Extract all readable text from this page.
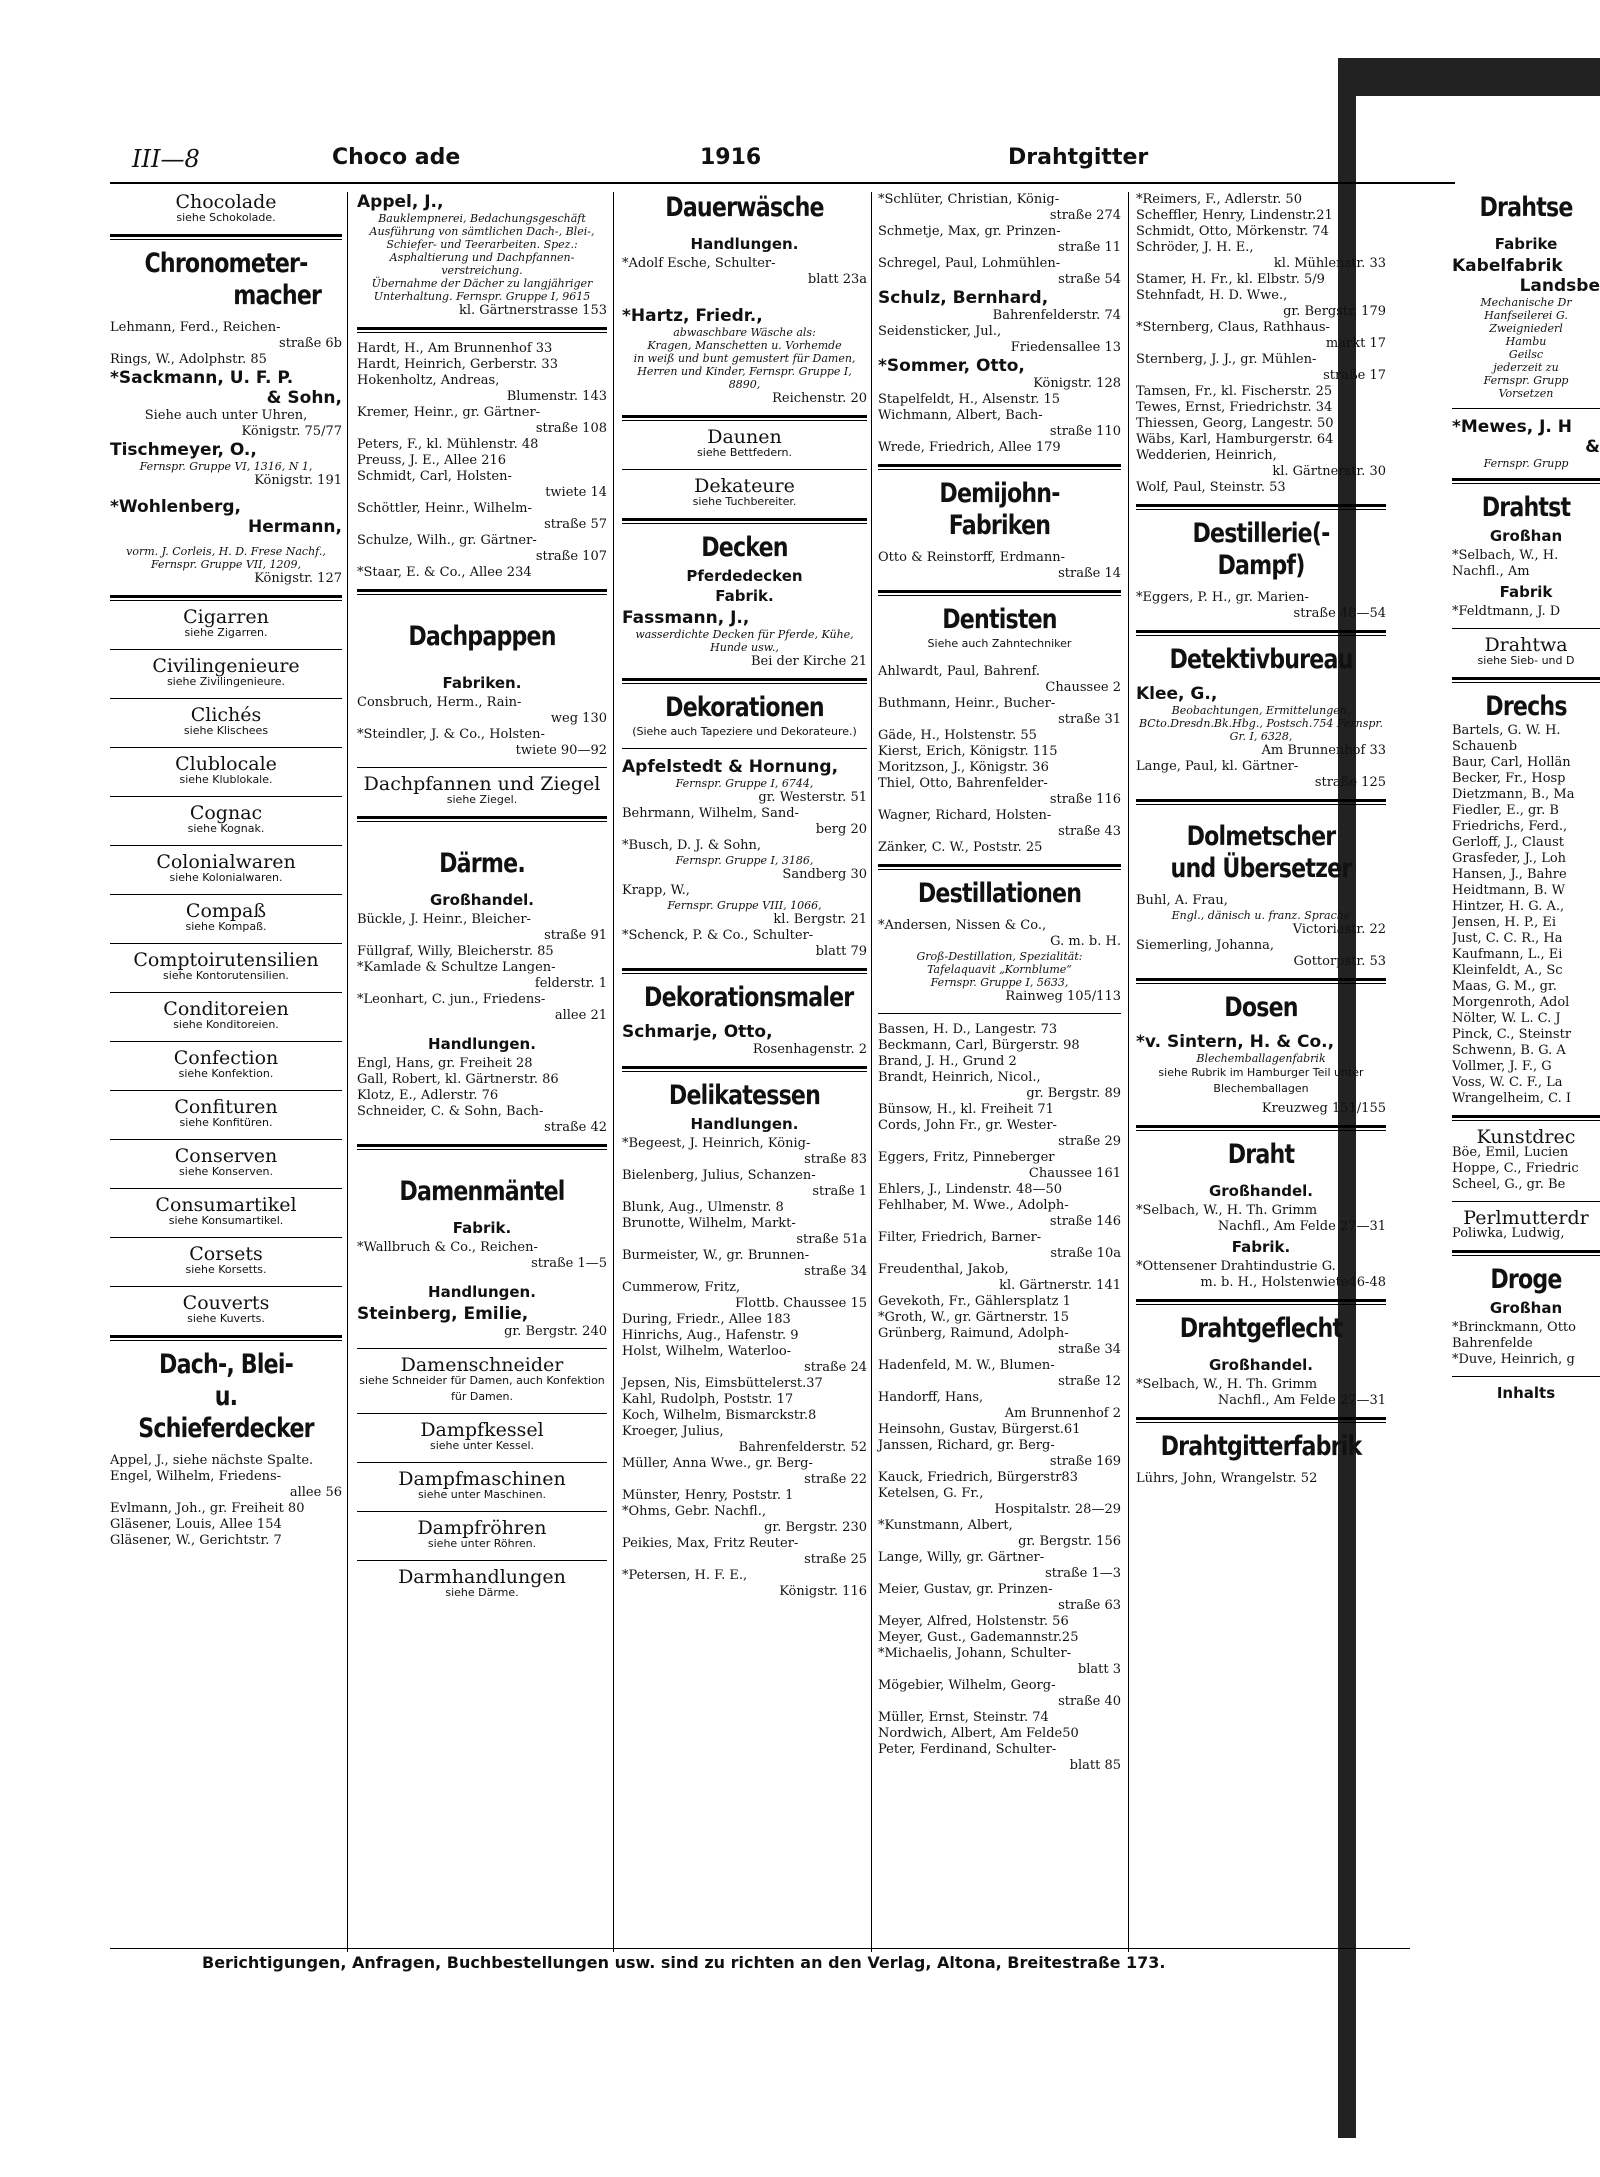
III—8	Choco ade	1916	Drahtgitter
Chocolade
siehe Schokolade.
Chronometer-
macher
Lehmann, Ferd., Reichen-
straße 6b
Rings, W., Adolphstr. 85
*Sackmann, U. F. P.
& Sohn,
Siehe auch unter Uhren,
Königstr. 75/77
Tischmeyer, O.,
Fernspr. Gruppe VI, 1316, N 1,
Königstr. 191
*Wohlenberg,
Hermann,
vorm. J. Corleis, H. D. Frese Nachf., Fernspr. Gruppe VII, 1209,
Königstr. 127
Cigarren
siehe Zigarren.
Civilingenieure
siehe Zivilingenieure.
Clichés
siehe Klischees
Clublocale
siehe Klublokale.
Cognac
siehe Kognak.
Colonialwaren
siehe Kolonialwaren.
Compaß
siehe Kompaß.
Comptoirutensilien
siehe Kontorutensilien.
Conditoreien
siehe Konditoreien.
Confection
siehe Konfektion.
Confituren
siehe Konfitüren.
Conserven
siehe Konserven.
Consumartikel
siehe Konsumartikel.
Corsets
siehe Korsetts.
Couverts
siehe Kuverts.
Dach-, Blei-
u. Schieferdecker
Appel, J., siehe nächste Spalte.
Engel, Wilhelm, Friedens-
allee 56
Evlmann, Joh., gr. Freiheit 80
Gläsener, Louis, Allee 154
Gläsener, W., Gerichtstr. 7
Appel, J.,
Bauklempnerei, Bedachungsgeschäft
Ausführung von sämtlichen Dach-, Blei-, Schiefer- und Teerarbeiten. Spez.: Asphaltierung und Dachpfannen-verstreichung.
Übernahme der Dächer zu langjähriger Unterhaltung. Fernspr. Gruppe I, 9615
kl. Gärtnerstrasse 153
Hardt, H., Am Brunnenhof 33
Hardt, Heinrich, Gerberstr. 33
Hokenholtz, Andreas,
Blumenstr. 143
Kremer, Heinr., gr. Gärtner-
straße 108
Peters, F., kl. Mühlenstr. 48
Preuss, J. E., Allee 216
Schmidt, Carl, Holsten-
twiete 14
Schöttler, Heinr., Wilhelm-
straße 57
Schulze, Wilh., gr. Gärtner-
straße 107
*Staar, E. & Co., Allee 234
Dachpappen
Fabriken.
Consbruch, Herm., Rain-
weg 130
*Steindler, J. & Co., Holsten-
twiete 90—92
Dachpfannen und Ziegel
siehe Ziegel.
Därme.
Großhandel.
Bückle, J. Heinr., Bleicher-
straße 91
Füllgraf, Willy, Bleicherstr. 85
*Kamlade & Schultze Langen-
felderstr. 1
*Leonhart, C. jun., Friedens-
allee 21
Handlungen.
Engl, Hans, gr. Freiheit 28
Gall, Robert, kl. Gärtnerstr. 86
Klotz, E., Adlerstr. 76
Schneider, C. & Sohn, Bach-
straße 42
Damenmäntel
Fabrik.
*Wallbruch & Co., Reichen-
straße 1—5
Handlungen.
Steinberg, Emilie,
gr. Bergstr. 240
Damenschneider
siehe Schneider für Damen, auch Konfektion für Damen.
Dampfkessel
siehe unter Kessel.
Dampfmaschinen
siehe unter Maschinen.
Dampfröhren
siehe unter Röhren.
Darmhandlungen
siehe Därme.
Dauerwäsche
Handlungen.
*Adolf Esche, Schulter-
blatt 23a
*Hartz, Friedr.,
abwaschbare Wäsche als:
Kragen, Manschetten u. Vorhemde
in weiß und bunt gemustert für Damen, Herren und Kinder, Fernspr. Gruppe I, 8890,
Reichenstr. 20
Daunen
siehe Bettfedern.
Dekateure
siehe Tuchbereiter.
Decken
Pferdedecken
Fabrik.
Fassmann, J.,
wasserdichte Decken für Pferde, Kühe, Hunde usw.,
Bei der Kirche 21
Dekorationen
(Siehe auch Tapeziere und Dekorateure.)
Apfelstedt & Hornung,
Fernspr. Gruppe I, 6744,
gr. Westerstr. 51
Behrmann, Wilhelm, Sand-
berg 20
*Busch, D. J. & Sohn,
Fernspr. Gruppe I, 3186,
Sandberg 30
Krapp, W.,
Fernspr. Gruppe VIII, 1066,
kl. Bergstr. 21
*Schenck, P. & Co., Schulter-
blatt 79
Dekorationsmaler
Schmarje, Otto,
Rosenhagenstr. 2
Delikatessen
Handlungen.
*Begeest, J. Heinrich, König-
straße 83
Bielenberg, Julius, Schanzen-
straße 1
Blunk, Aug., Ulmenstr. 8
Brunotte, Wilhelm, Markt-
straße 51a
Burmeister, W., gr. Brunnen-
straße 34
Cummerow, Fritz,
Flottb. Chaussee 15
During, Friedr., Allee 183
Hinrichs, Aug., Hafenstr. 9
Holst, Wilhelm, Waterloo-
straße 24
Jepsen, Nis, Eimsbüttelerst.37
Kahl, Rudolph, Poststr. 17
Koch, Wilhelm, Bismarckstr.8
Kroeger, Julius,
Bahrenfelderstr. 52
Müller, Anna Wwe., gr. Berg-
straße 22
Münster, Henry, Poststr. 1
*Ohms, Gebr. Nachfl.,
gr. Bergstr. 230
Peikies, Max, Fritz Reuter-
straße 25
*Petersen, H. F. E.,
Königstr. 116
*Schlüter, Christian, König-
straße 274
Schmetje, Max, gr. Prinzen-
straße 11
Schregel, Paul, Lohmühlen-
straße 54
Schulz, Bernhard,
Bahrenfelderstr. 74
Seidensticker, Jul.,
Friedensallee 13
*Sommer, Otto,
Königstr. 128
Stapelfeldt, H., Alsenstr. 15
Wichmann, Albert, Bach-
straße 110
Wrede, Friedrich, Allee 179
Demijohn-Fabriken
Otto & Reinstorff, Erdmann-
straße 14
Dentisten
Siehe auch Zahntechniker
Ahlwardt, Paul, Bahrenf.
Chaussee 2
Buthmann, Heinr., Bucher-
straße 31
Gäde, H., Holstenstr. 55
Kierst, Erich, Königstr. 115
Moritzson, J., Königstr. 36
Thiel, Otto, Bahrenfelder-
straße 116
Wagner, Richard, Holsten-
straße 43
Zänker, C. W., Poststr. 25
Destillationen
*Andersen, Nissen & Co.,
G. m. b. H.
Groß-Destillation, Spezialität:
Tafelaquavit „Kornblume“
Fernspr. Gruppe I, 5633,
Rainweg 105/113
Bassen, H. D., Langestr. 73
Beckmann, Carl, Bürgerstr. 98
Brand, J. H., Grund 2
Brandt, Heinrich, Nicol.,
gr. Bergstr. 89
Bünsow, H., kl. Freiheit 71
Cords, John Fr., gr. Wester-
straße 29
Eggers, Fritz, Pinneberger
Chaussee 161
Ehlers, J., Lindenstr. 48—50
Fehlhaber, M. Wwe., Adolph-
straße 146
Filter, Friedrich, Barner-
straße 10a
Freudenthal, Jakob,
kl. Gärtnerstr. 141
Gevekoth, Fr., Gählersplatz 1
*Groth, W., gr. Gärtnerstr. 15
Grünberg, Raimund, Adolph-
straße 34
Hadenfeld, M. W., Blumen-
straße 12
Handorff, Hans,
Am Brunnenhof 2
Heinsohn, Gustav, Bürgerst.61
Janssen, Richard, gr. Berg-
straße 169
Kauck, Friedrich, Bürgerstr83
Ketelsen, G. Fr.,
Hospitalstr. 28—29
*Kunstmann, Albert,
gr. Bergstr. 156
Lange, Willy, gr. Gärtner-
straße 1—3
Meier, Gustav, gr. Prinzen-
straße 63
Meyer, Alfred, Holstenstr. 56
Meyer, Gust., Gademannstr.25
*Michaelis, Johann, Schulter-
blatt 3
Mögebier, Wilhelm, Georg-
straße 40
Müller, Ernst, Steinstr. 74
Nordwich, Albert, Am Felde50
Peter, Ferdinand, Schulter-
blatt 85
*Reimers, F., Adlerstr. 50
Scheffler, Henry, Lindenstr.21
Schmidt, Otto, Mörkenstr. 74
Schröder, J. H. E.,
kl. Mühlenstr. 33
Stamer, H. Fr., kl. Elbstr. 5/9
Stehnfadt, H. D. Wwe.,
gr. Bergstr. 179
*Sternberg, Claus, Rathhaus-
markt 17
Sternberg, J. J., gr. Mühlen-
straße 17
Tamsen, Fr., kl. Fischerstr. 25
Tewes, Ernst, Friedrichstr. 34
Thiessen, Georg, Langestr. 50
Wäbs, Karl, Hamburgerstr. 64
Wedderien, Heinrich,
kl. Gärtnerstr. 30
Wolf, Paul, Steinstr. 53
Destillerie(-Dampf)
*Eggers, P. H., gr. Marien-
straße 48—54
Detektivbureau
Klee, G.,
Beobachtungen, Ermittelungen, BCto.Dresdn.Bk.Hbg., Postsch.754 Fernspr. Gr. I, 6328,
Am Brunnenhof 33
Lange, Paul, kl. Gärtner-
straße 125
Dolmetscher
und Übersetzer
Buhl, A. Frau,
Engl., dänisch u. franz. Sprache
Victoriastr. 22
Siemerling, Johanna,
Gottorpstr. 53
Dosen
*v. Sintern, H. & Co.,
Blechemballagenfabrik
siehe Rubrik im Hamburger Teil unter Blechemballagen
Kreuzweg 151/155
Draht
Großhandel.
*Selbach, W., H. Th. Grimm
Nachfl., Am Felde 27—31
Fabrik.
*Ottensener Drahtindustrie G.
m. b. H., Holstenwiete46-48
Drahtgeflecht
Großhandel.
*Selbach, W., H. Th. Grimm
Nachfl., Am Felde 27—31
Drahtgitterfabrik
Lührs, John, Wrangelstr. 52
Drahtse
Fabrike
Kabelfabrik
Landsbe
Mechanische Dr
Hanfseilerei G.
Zweigniederl
Hambu
Geilsc
jederzeit zu
Fernspr. Grupp
Vorsetzen
*Mewes, J. H
&
Fernspr. Grupp
Drahtst
Großhan
*Selbach, W., H.
Nachfl., Am
Fabrik
*Feldtmann, J. D
Drahtwa
siehe Sieb- und D
Drechs
Bartels, G. W. H.
Schauenb
Baur, Carl, Hollän
Becker, Fr., Hosp
Dietzmann, B., Ma
Fiedler, E., gr. B
Friedrichs, Ferd.,
Gerloff, J., Claust
Grasfeder, J., Loh
Hansen, J., Bahre
Heidtmann, B. W
Hintzer, H. G. A.,
Jensen, H. P., Ei
Just, C. C. R., Ha
Kaufmann, L., Ei
Kleinfeldt, A., Sc
Maas, G. M., gr.
Morgenroth, Adol
Nölter, W. L. C. J
Pinck, C., Steinstr
Schwenn, B. G. A
Vollmer, J. F., G
Voss, W. C. F., La
Wrangelheim, C. I
Kunstdrec
Böe, Emil, Lucien
Hoppe, C., Friedric
Scheel, G., gr. Be
Perlmutterdr
Poliwka, Ludwig,
Droge
Großhan
*Brinckmann, Otto
Bahrenfelde
*Duve, Heinrich, g
Inhalts
Berichtigungen, Anfragen, Buchbestellungen usw. sind zu richten an den Verlag, Altona, Breitestraße 173.
